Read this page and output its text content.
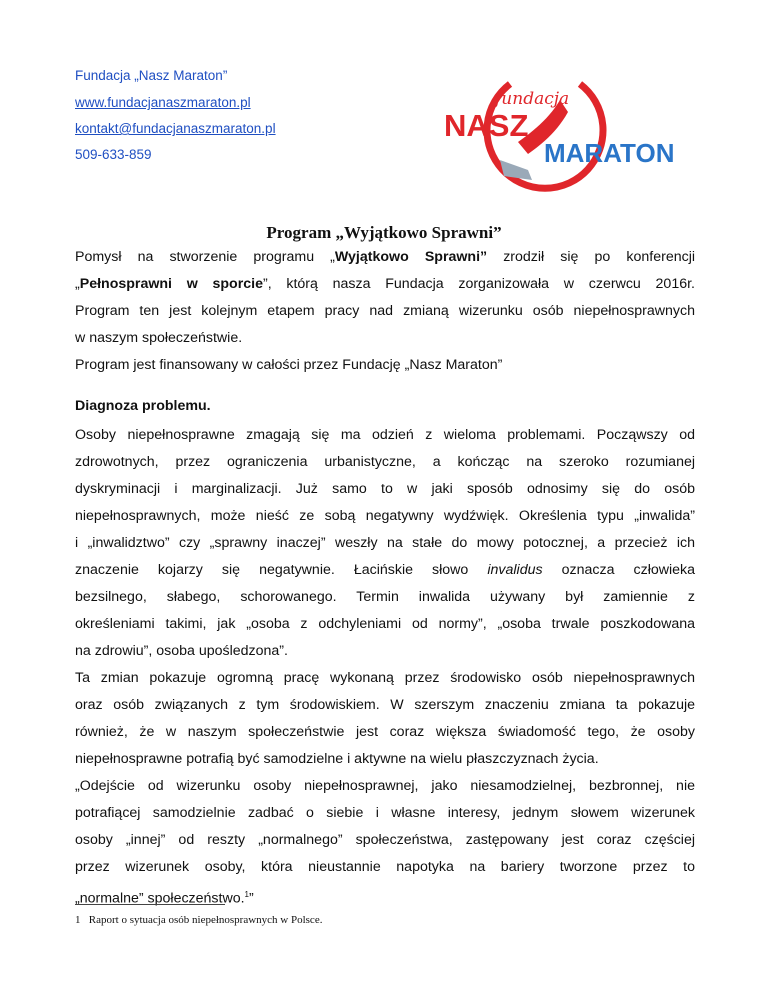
Fundacja „Nasz Maraton”
www.fundacjanaszmaraton.pl
kontakt@fundacjanaszmaraton.pl
509-633-859
fundacja
NASZ
MARATON
Program „Wyjątkowo Sprawni”
Pomysł na stworzenie programu „Wyjątkowo Sprawni” zrodził się po konferencji
„Pełnosprawni w sporcie”, którą nasza Fundacja zorganizowała w czerwcu 2016r.
Program ten jest kolejnym etapem pracy nad zmianą wizerunku osób niepełnosprawnych
w naszym społeczeństwie.
Program jest finansowany w całości przez Fundację „Nasz Maraton”
Diagnoza problemu.
Osoby niepełnosprawne zmagają się ma odzień z wieloma problemami. Począwszy od
zdrowotnych, przez ograniczenia urbanistyczne, a kończąc na szeroko rozumianej
dyskryminacji i marginalizacji. Już samo to w jaki sposób odnosimy się do osób
niepełnosprawnych, może nieść ze sobą negatywny wydźwięk. Określenia typu „inwalida”
i „inwalidztwo” czy „sprawny inaczej” weszły na stałe do mowy potocznej, a przecież ich
znaczenie kojarzy się negatywnie. Łacińskie słowo invalidus oznacza człowieka
bezsilnego, słabego, schorowanego. Termin inwalida używany był zamiennie z
określeniami takimi, jak „osoba z odchyleniami od normy”, „osoba trwale poszkodowana
na zdrowiu”, osoba upośledzona”.
Ta zmian pokazuje ogromną pracę wykonaną przez środowisko osób niepełnosprawnych
oraz osób związanych z tym środowiskiem. W szerszym znaczeniu zmiana ta pokazuje
również, że w naszym społeczeństwie jest coraz większa świadomość tego, że osoby
niepełnosprawne potrafią być samodzielne i aktywne na wielu płaszczyznach życia.
„Odejście od wizerunku osoby niepełnosprawnej, jako niesamodzielnej, bezbronnej, nie
potrafiącej samodzielnie zadbać o siebie i własne interesy, jednym słowem wizerunek
osoby „innej” od reszty „normalnego” społeczeństwa, zastępowany jest coraz częściej
przez wizerunek osoby, która nieustannie napotyka na bariery tworzone przez to
„normalne” społeczeństwo.$^1$”
1 Raport o sytuacja osób niepełnosprawnych w Polsce.
